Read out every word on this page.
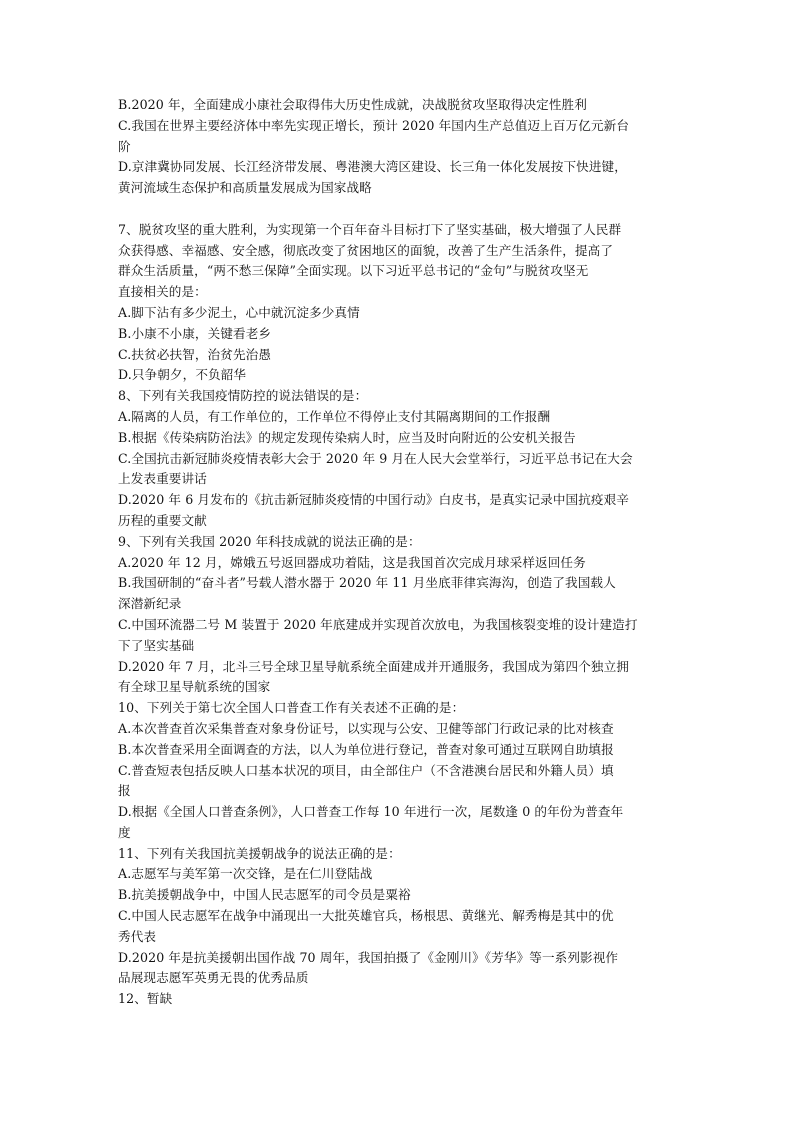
B.2020 年，全面建成小康社会取得伟大历史性成就，决战脱贫攻坚取得决定性胜利
C.我国在世界主要经济体中率先实现正增长，预计 2020 年国内生产总值迈上百万亿元新台
阶
D.京津冀协同发展、长江经济带发展、粤港澳大湾区建设、长三角一体化发展按下快进键，
黄河流域生态保护和高质量发展成为国家战略
7、脱贫攻坚的重大胜利，为实现第一个百年奋斗目标打下了坚实基础，极大增强了人民群
众获得感、幸福感、安全感，彻底改变了贫困地区的面貌，改善了生产生活条件，提高了
群众生活质量，“两不愁三保障”全面实现。以下习近平总书记的“金句”与脱贫攻坚无
直接相关的是：
A.脚下沾有多少泥土，心中就沉淀多少真情
B.小康不小康，关键看老乡
C.扶贫必扶智，治贫先治愚
D.只争朝夕，不负韶华
8、下列有关我国疫情防控的说法错误的是：
A.隔离的人员，有工作单位的，工作单位不得停止支付其隔离期间的工作报酬
B.根据《传染病防治法》的规定发现传染病人时，应当及时向附近的公安机关报告
C.全国抗击新冠肺炎疫情表彰大会于 2020 年 9 月在人民大会堂举行，习近平总书记在大会
上发表重要讲话
D.2020 年 6 月发布的《抗击新冠肺炎疫情的中国行动》白皮书，是真实记录中国抗疫艰辛
历程的重要文献
9、下列有关我国 2020 年科技成就的说法正确的是：
A.2020 年 12 月，嫦娥五号返回器成功着陆，这是我国首次完成月球采样返回任务
B.我国研制的“奋斗者”号载人潜水器于 2020 年 11 月坐底菲律宾海沟，创造了我国载人
深潜新纪录
C.中国环流器二号 M 装置于 2020 年底建成并实现首次放电，为我国核裂变堆的设计建造打
下了坚实基础
D.2020 年 7 月，北斗三号全球卫星导航系统全面建成并开通服务，我国成为第四个独立拥
有全球卫星导航系统的国家
10、下列关于第七次全国人口普查工作有关表述不正确的是：
A.本次普查首次采集普查对象身份证号，以实现与公安、卫健等部门行政记录的比对核查
B.本次普查采用全面调查的方法，以人为单位进行登记，普查对象可通过互联网自助填报
C.普查短表包括反映人口基本状况的项目，由全部住户（不含港澳台居民和外籍人员）填
报
D.根据《全国人口普查条例》，人口普查工作每 10 年进行一次，尾数逢 0 的年份为普查年
度
11、下列有关我国抗美援朝战争的说法正确的是：
A.志愿军与美军第一次交锋，是在仁川登陆战
B.抗美援朝战争中，中国人民志愿军的司令员是粟裕
C.中国人民志愿军在战争中涌现出一大批英雄官兵，杨根思、黄继光、解秀梅是其中的优
秀代表
D.2020 年是抗美援朝出国作战 70 周年，我国拍摄了《金刚川》《芳华》等一系列影视作
品展现志愿军英勇无畏的优秀品质
12、暂缺
